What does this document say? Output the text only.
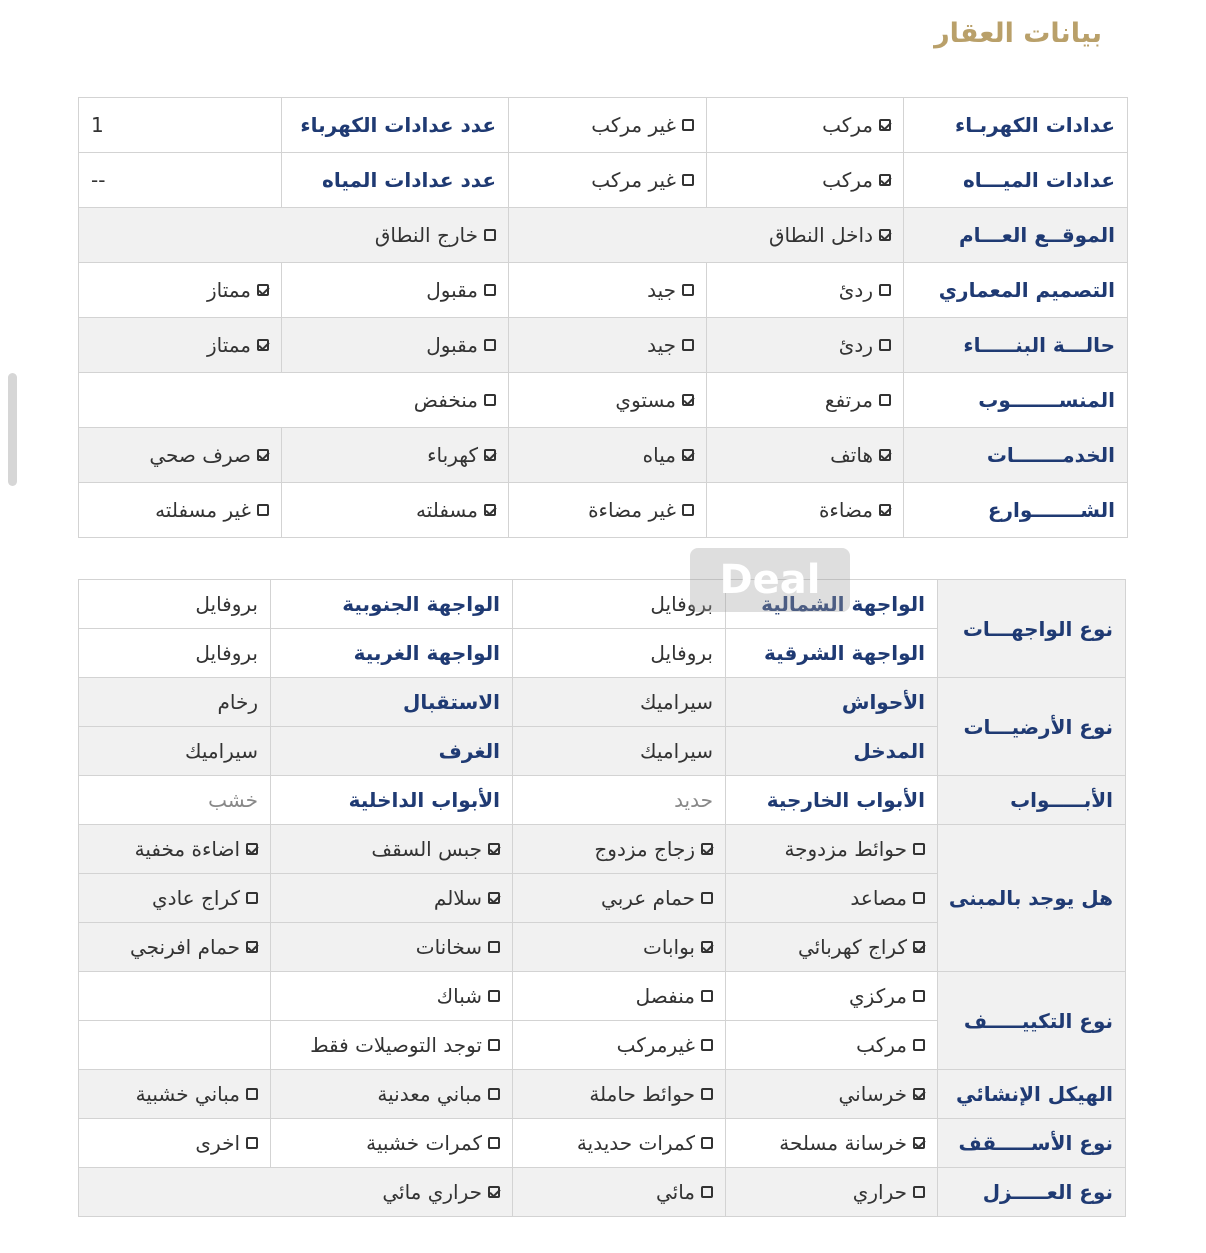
بيانات العقار
عدادات الكهربـاء	مركب	غير مركب	عدد عدادات الكهرباء	1
عدادات الميـــاه	مركب	غير مركب	عدد عدادات المياه	--
الموقــع العـــام	داخل النطاق		خارج النطاق	
التصميم المعماري	ردئ	جيد	مقبول	ممتاز
حالـــة البنـــــاء	ردئ	جيد	مقبول	ممتاز
المنســـــــوب	مرتفع	مستوي	منخفض	
الخدمـــــــات	هاتف	مياه	كهرباء	صرف صحي
الشـــــــوارع	مضاءة	غير مضاءة	مسفلته	غير مسفلته
نوع الواجهـــات	الواجهة الشمالية	بروفايل	الواجهة الجنوبية	بروفايل
	الواجهة الشرقية	بروفايل	الواجهة الغربية	بروفايل
نوع الأرضيـــات	الأحواش	سيراميك	الاستقبال	رخام
	المدخل	سيراميك	الغرف	سيراميك
الأبـــــواب	الأبواب الخارجية	حديد	الأبواب الداخلية	خشب
هل يوجد بالمبنى	حوائط مزدوجة	زجاج مزدوج	جبس السقف	اضاءة مخفية
	مصاعد	حمام عربي	سلالم	كراج عادي
	كراج كهربائي	بوابات	سخانات	حمام افرنجي
نوع التكييـــــف	مركزي	منفصل	شباك	
	مركب	غيرمركب	توجد التوصيلات فقط	
الهيكل الإنشائي	خرساني	حوائط حاملة	مباني معدنية	مباني خشبية
نوع الأســـــقف	خرسانة مسلحة	كمرات حديدية	كمرات خشبية	اخرى
نوع العـــــزل	حراري	مائي	حراري مائي	
Deal
